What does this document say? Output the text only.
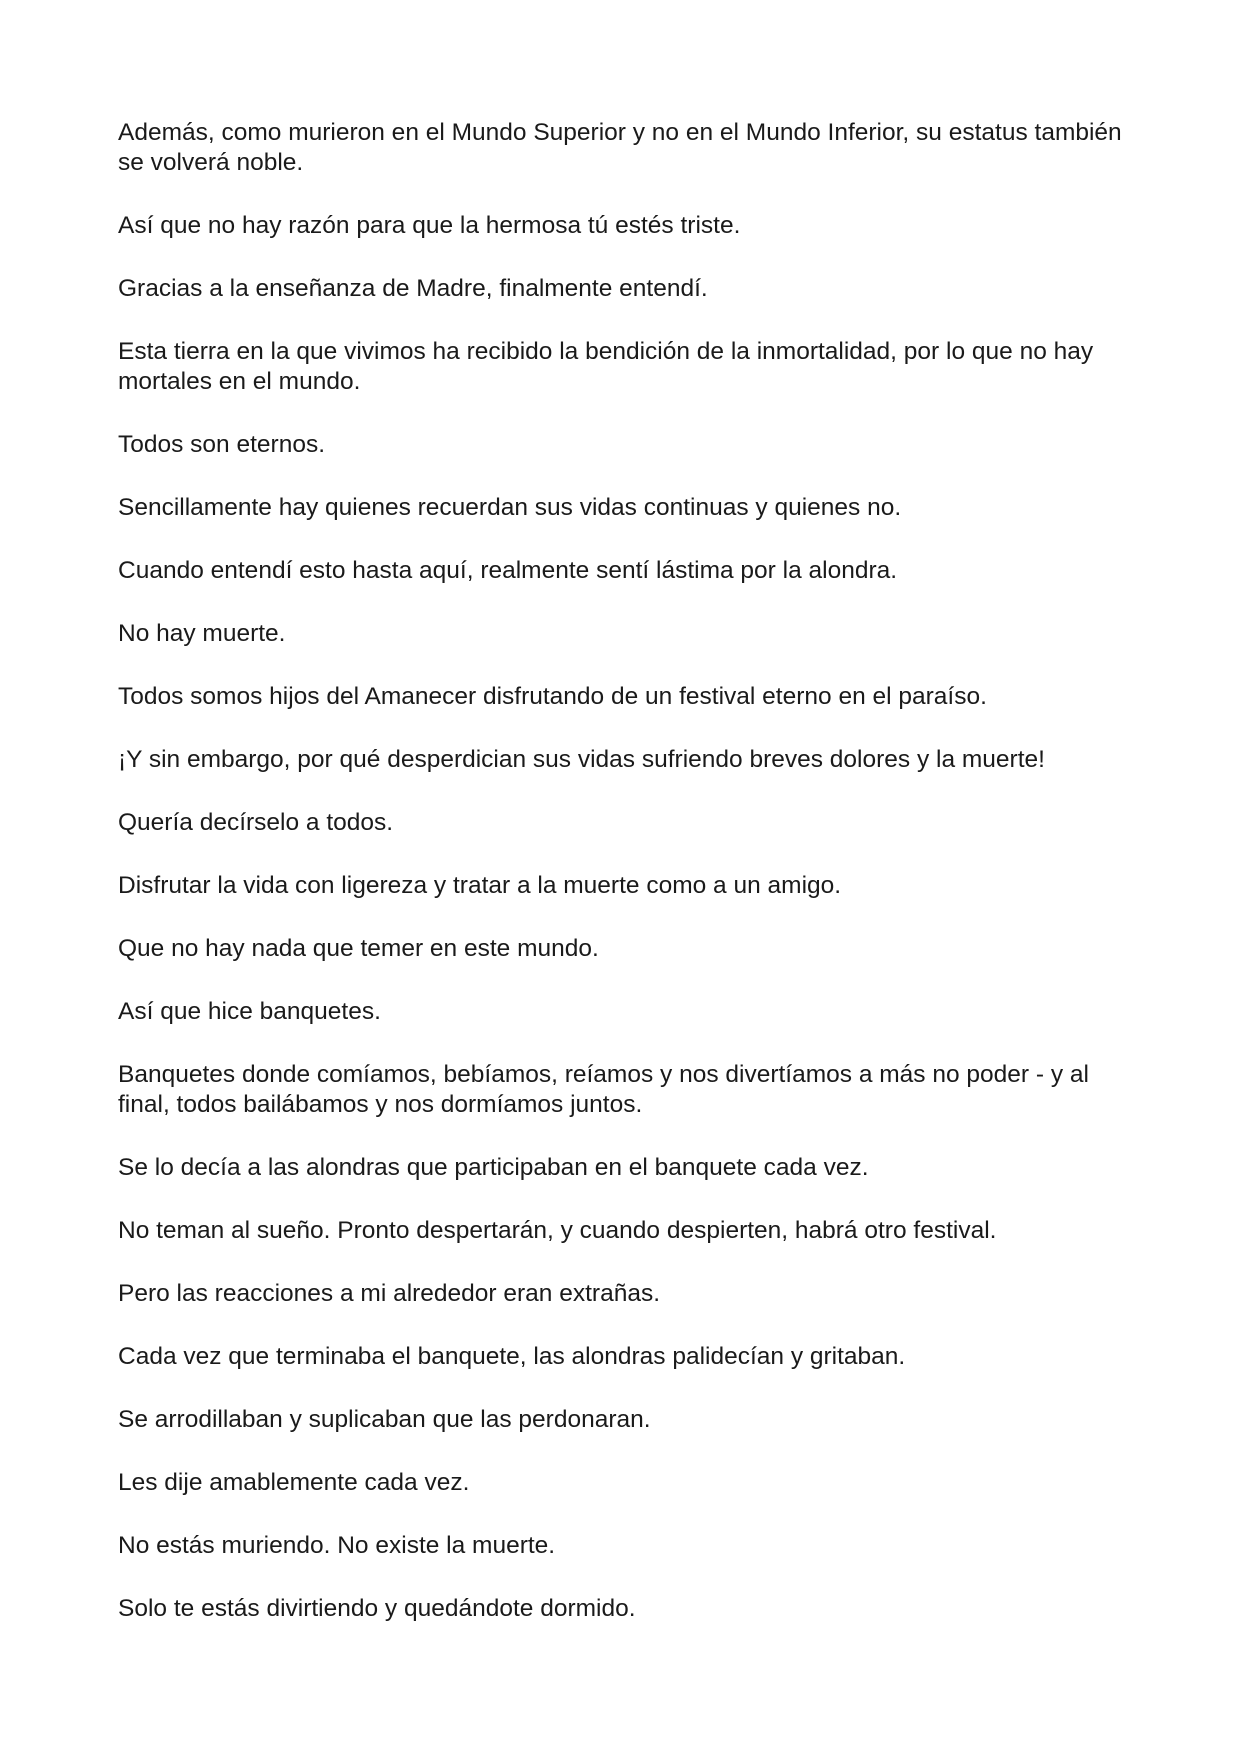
Además, como murieron en el Mundo Superior y no en el Mundo Inferior, su estatus también se volverá noble.

Así que no hay razón para que la hermosa tú estés triste.

Gracias a la enseñanza de Madre, finalmente entendí.

Esta tierra en la que vivimos ha recibido la bendición de la inmortalidad, por lo que no hay mortales en el mundo.

Todos son eternos.

Sencillamente hay quienes recuerdan sus vidas continuas y quienes no.

Cuando entendí esto hasta aquí, realmente sentí lástima por la alondra.

No hay muerte.

Todos somos hijos del Amanecer disfrutando de un festival eterno en el paraíso.

¡Y sin embargo, por qué desperdician sus vidas sufriendo breves dolores y la muerte!

Quería decírselo a todos.

Disfrutar la vida con ligereza y tratar a la muerte como a un amigo.

Que no hay nada que temer en este mundo.

Así que hice banquetes.

Banquetes donde comíamos, bebíamos, reíamos y nos divertíamos a más no poder - y al final, todos bailábamos y nos dormíamos juntos.

Se lo decía a las alondras que participaban en el banquete cada vez.

No teman al sueño. Pronto despertarán, y cuando despierten, habrá otro festival.

Pero las reacciones a mi alrededor eran extrañas.

Cada vez que terminaba el banquete, las alondras palidecían y gritaban.

Se arrodillaban y suplicaban que las perdonaran.

Les dije amablemente cada vez.

No estás muriendo. No existe la muerte.

Solo te estás divirtiendo y quedándote dormido.
